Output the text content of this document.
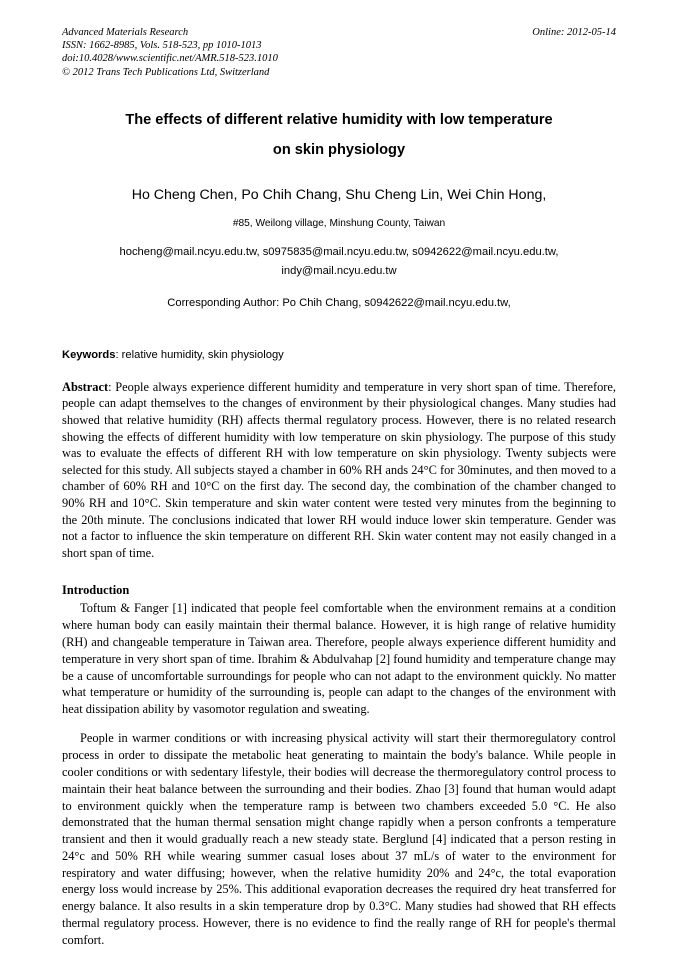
Advanced Materials Research
ISSN: 1662-8985, Vols. 518-523, pp 1010-1013
doi:10.4028/www.scientific.net/AMR.518-523.1010
© 2012 Trans Tech Publications Ltd, Switzerland
Online: 2012-05-14
The effects of different relative humidity with low temperature
on skin physiology
Ho Cheng Chen, Po Chih Chang, Shu Cheng Lin, Wei Chin Hong,
#85, Weilong village, Minshung County, Taiwan
hocheng@mail.ncyu.edu.tw, s0975835@mail.ncyu.edu.tw, s0942622@mail.ncyu.edu.tw,
indy@mail.ncyu.edu.tw
Corresponding Author: Po Chih Chang, s0942622@mail.ncyu.edu.tw,
Keywords: relative humidity, skin physiology
Abstract: People always experience different humidity and temperature in very short span of time. Therefore, people can adapt themselves to the changes of environment by their physiological changes. Many studies had showed that relative humidity (RH) affects thermal regulatory process. However, there is no related research showing the effects of different humidity with low temperature on skin physiology. The purpose of this study was to evaluate the effects of different RH with low temperature on skin physiology. Twenty subjects were selected for this study. All subjects stayed a chamber in 60% RH ands 24°C for 30minutes, and then moved to a chamber of 60% RH and 10°C on the first day. The second day, the combination of the chamber changed to 90% RH and 10°C. Skin temperature and skin water content were tested very minutes from the beginning to the 20th minute. The conclusions indicated that lower RH would induce lower skin temperature. Gender was not a factor to influence the skin temperature on different RH. Skin water content may not easily changed in a short span of time.
Introduction

Toftum & Fanger [1] indicated that people feel comfortable when the environment remains at a condition where human body can easily maintain their thermal balance. However, it is high range of relative humidity (RH) and changeable temperature in Taiwan area. Therefore, people always experience different humidity and temperature in very short span of time. Ibrahim & Abdulvahap [2] found humidity and temperature change may be a cause of uncomfortable surroundings for people who can not adapt to the environment quickly. No matter what temperature or humidity of the surrounding is, people can adapt to the changes of the environment with heat dissipation ability by vasomotor regulation and sweating.

People in warmer conditions or with increasing physical activity will start their thermoregulatory control process in order to dissipate the metabolic heat generating to maintain the body's balance. While people in cooler conditions or with sedentary lifestyle, their bodies will decrease the thermoregulatory control process to maintain their heat balance between the surrounding and their bodies. Zhao [3] found that human would adapt to environment quickly when the temperature ramp is between two chambers exceeded 5.0 °C. He also demonstrated that the human thermal sensation might change rapidly when a person confronts a temperature transient and then it would gradually reach a new steady state. Berglund [4] indicated that a person resting in 24°c and 50% RH while wearing summer casual loses about 37 mL/s of water to the environment for respiratory and water diffusing; however, when the relative humidity 20% and 24°c, the total evaporation energy loss would increase by 25%. This additional evaporation decreases the required dry heat transferred for energy balance. It also results in a skin temperature drop by 0.3°C. Many studies had showed that RH effects thermal regulatory process. However, there is no evidence to find the really range of RH for people's thermal comfort.
